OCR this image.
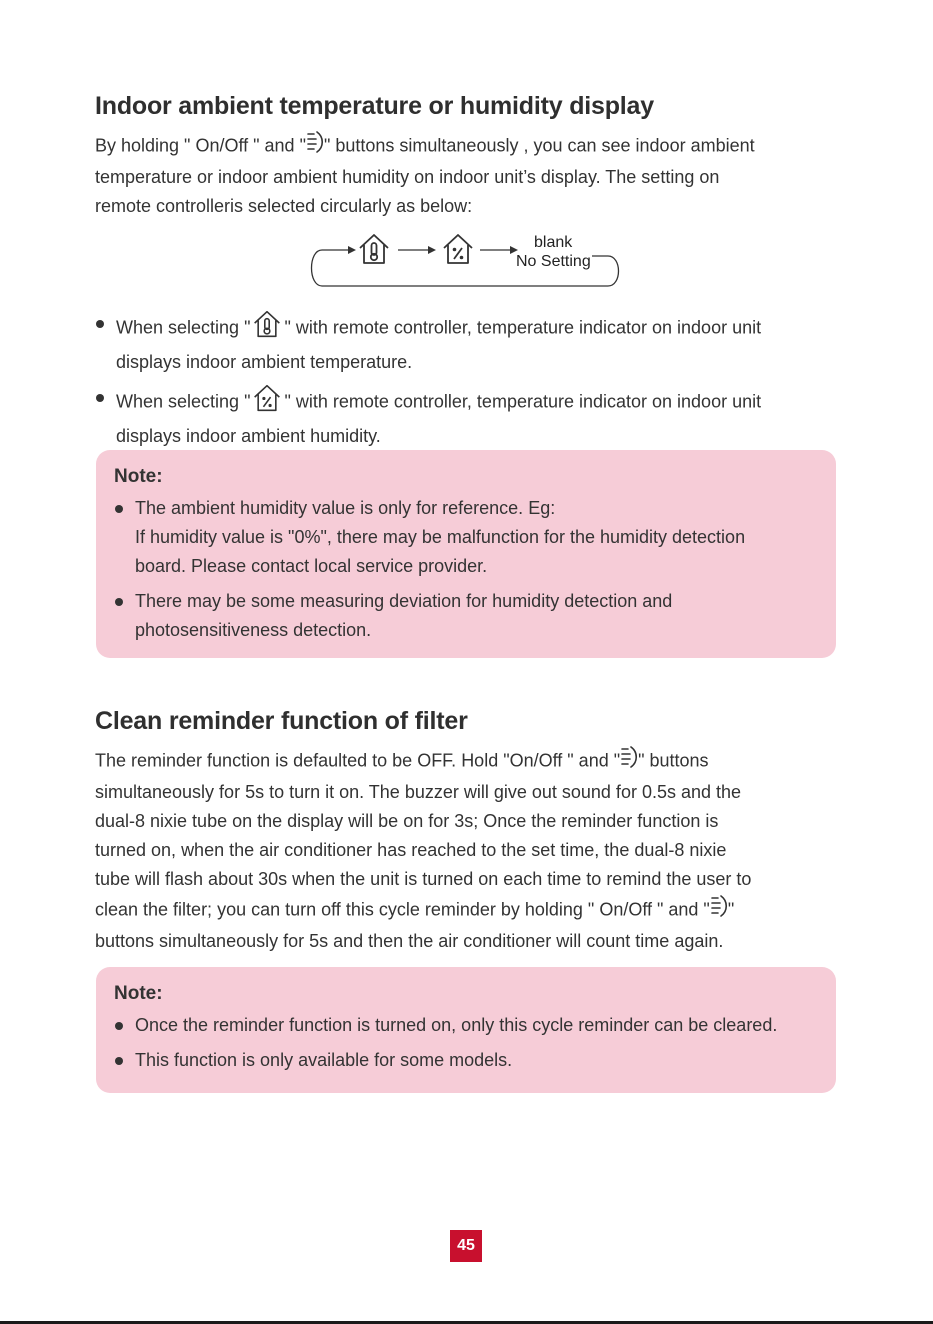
Indoor ambient temperature or humidity display
By holding " On/Off " and " " buttons simultaneously , you can see indoor ambient
temperature or indoor ambient humidity on indoor unit’s display. The setting on
remote controlleris selected circularly as below:
blank
No Setting
When selecting " " with remote controller, temperature indicator on indoor unit
displays indoor ambient temperature.
When selecting " " with remote controller, temperature indicator on indoor unit
displays indoor ambient humidity.
Note:
The ambient humidity value is only for reference. Eg:
If humidity value is "0%", there may be malfunction for the humidity detection
board. Please contact local service provider.
There may be some measuring deviation for humidity detection and
photosensitiveness detection.
Clean reminder function of filter
The reminder function is defaulted to be OFF. Hold "On/Off " and " " buttons
simultaneously for 5s to turn it on. The buzzer will give out sound for 0.5s and the
dual-8 nixie tube on the display will be on for 3s; Once the reminder function is
turned on, when the air conditioner has reached to the set time, the dual-8 nixie
tube will flash about 30s when the unit is turned on each time to remind the user to
clean the filter; you can turn off this cycle reminder by holding " On/Off " and " "
buttons simultaneously for 5s and then the air conditioner will count time again.
Note:
Once the reminder function is turned on, only this cycle reminder can be cleared.
This function is only available for some models.
45
